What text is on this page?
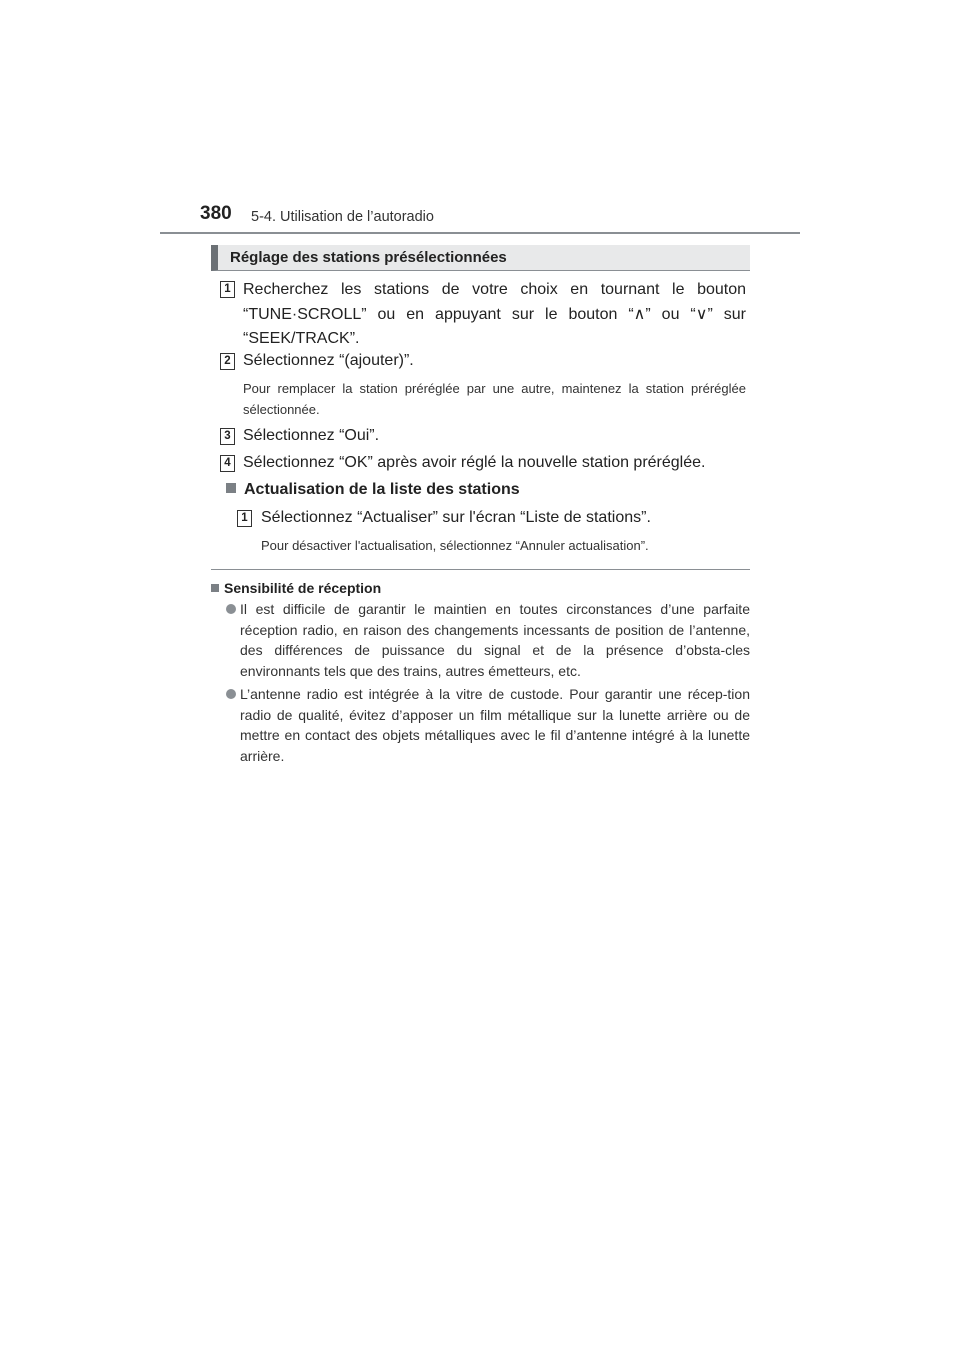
380 5-4. Utilisation de l’autoradio
Réglage des stations présélectionnées
1 Recherchez les stations de votre choix en tournant le bouton “TUNE·SCROLL” ou en appuyant sur le bouton “∧” ou “∨” sur “SEEK/TRACK”.
2 Sélectionnez “(ajouter)”.
Pour remplacer la station préréglée par une autre, maintenez la station préréglée sélectionnée.
3 Sélectionnez “Oui”.
4 Sélectionnez “OK” après avoir réglé la nouvelle station préréglée.
Actualisation de la liste des stations
1 Sélectionnez “Actualiser” sur l'écran “Liste de stations”.
Pour désactiver l'actualisation, sélectionnez “Annuler actualisation”.
Sensibilité de réception
Il est difficile de garantir le maintien en toutes circonstances d’une parfaite réception radio, en raison des changements incessants de position de l’antenne, des différences de puissance du signal et de la présence d’obsta-cles environnants tels que des trains, autres émetteurs, etc.
L’antenne radio est intégrée à la vitre de custode. Pour garantir une récep-tion radio de qualité, évitez d’apposer un film métallique sur la lunette arrière ou de mettre en contact des objets métalliques avec le fil d’antenne intégré à la lunette arrière.
